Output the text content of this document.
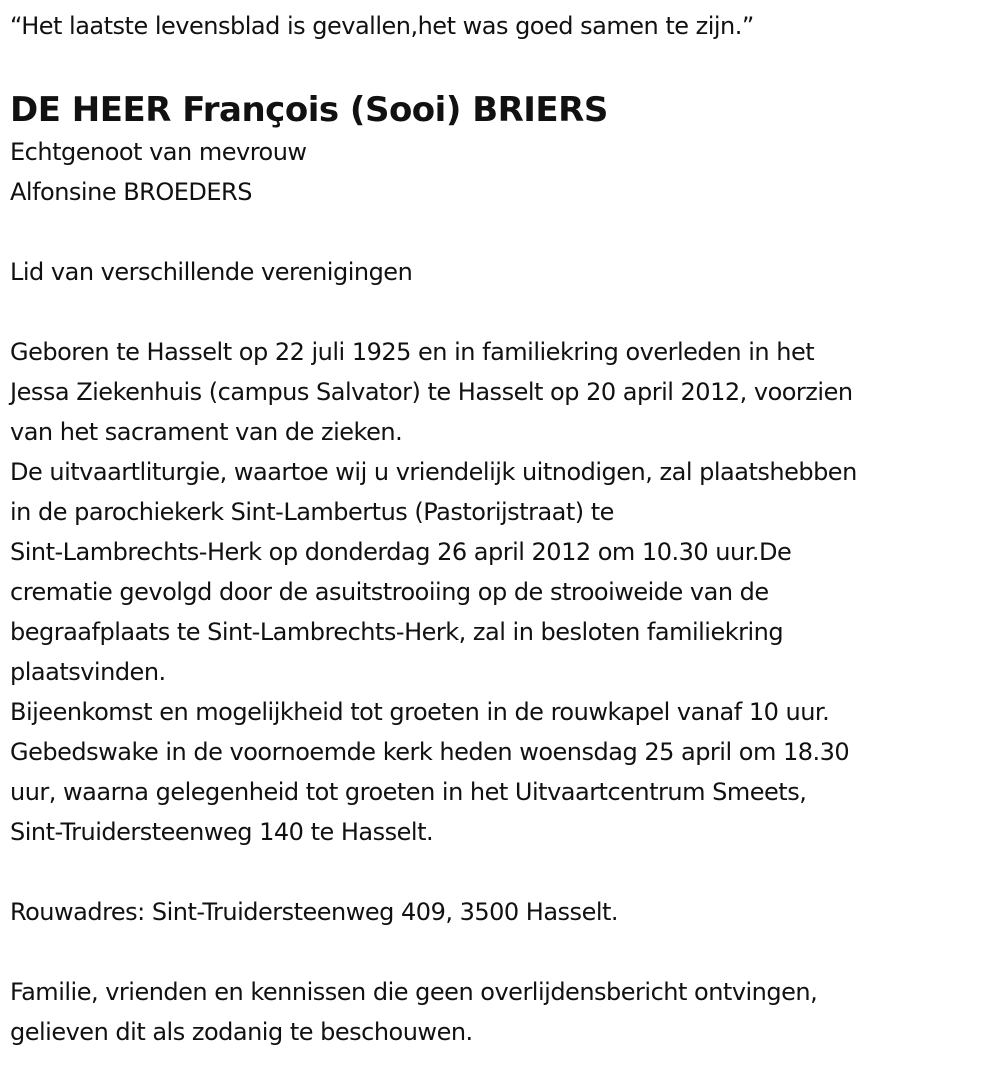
“Het laatste levensblad is gevallen,het was goed samen te zijn.”
DE HEER François (Sooi) BRIERS
Echtgenoot van mevrouw
Alfonsine BROEDERS
Lid van verschillende verenigingen
Geboren te Hasselt op 22 juli 1925 en in familiekring overleden in het
Jessa Ziekenhuis (campus Salvator) te Hasselt op 20 april 2012, voorzien
van het sacrament van de zieken.
De uitvaartliturgie, waartoe wij u vriendelijk uitnodigen, zal plaatshebben
in de parochiekerk Sint-Lambertus (Pastorijstraat) te
Sint-Lambrechts-Herk op donderdag 26 april 2012 om 10.30 uur.De
crematie gevolgd door de asuitstrooiing op de strooiweide van de
begraafplaats te Sint-Lambrechts-Herk, zal in besloten familiekring
plaatsvinden.
Bijeenkomst en mogelijkheid tot groeten in de rouwkapel vanaf 10 uur.
Gebedswake in de voornoemde kerk heden woensdag 25 april om 18.30
uur, waarna gelegenheid tot groeten in het Uitvaartcentrum Smeets,
Sint-Truidersteenweg 140 te Hasselt.
Rouwadres: Sint-Truidersteenweg 409, 3500 Hasselt.
Familie, vrienden en kennissen die geen overlijdensbericht ontvingen,
gelieven dit als zodanig te beschouwen.
